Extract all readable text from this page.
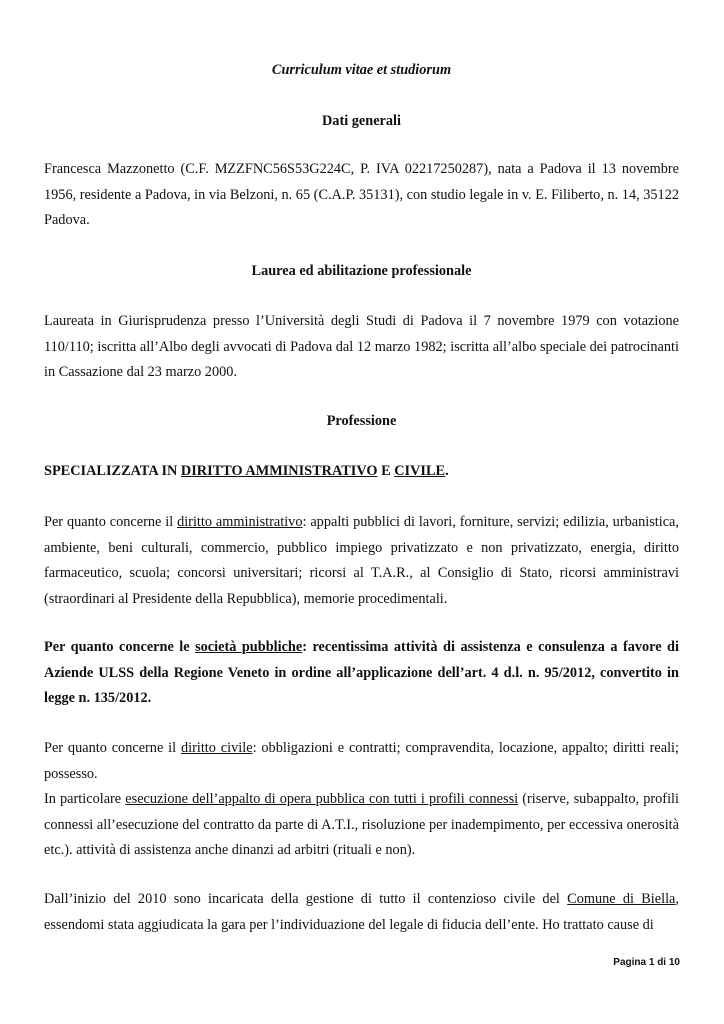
Curriculum vitae et studiorum

Dati generali

Francesca Mazzonetto (C.F. MZZFNC56S53G224C, P. IVA 02217250287), nata a Padova il 13 novembre 1956, residente a Padova, in via Belzoni, n. 65 (C.A.P. 35131), con studio legale in v. E. Filiberto, n. 14, 35122 Padova.

Laurea ed abilitazione professionale

Laureata in Giurisprudenza presso l’Università degli Studi di Padova il 7 novembre 1979 con votazione 110/110; iscritta all’Albo degli avvocati di Padova dal 12 marzo 1982; iscritta all’albo speciale dei patrocinanti in Cassazione dal 23 marzo 2000.

Professione

SPECIALIZZATA IN DIRITTO AMMINISTRATIVO E CIVILE.

Per quanto concerne il diritto amministrativo: appalti pubblici di lavori, forniture, servizi; edilizia, urbanistica, ambiente, beni culturali, commercio, pubblico impiego privatizzato e non privatizzato, energia, diritto farmaceutico, scuola; concorsi universitari; ricorsi al T.A.R., al Consiglio di Stato, ricorsi amministravi (straordinari al Presidente della Repubblica), memorie procedimentali.

Per quanto concerne le società pubbliche: recentissima attività di assistenza e consulenza a favore di Aziende ULSS della Regione Veneto in ordine all’applicazione dell’art. 4 d.l. n. 95/2012, convertito in legge n. 135/2012.

Per quanto concerne il diritto civile: obbligazioni e contratti; compravendita, locazione, appalto; diritti reali; possesso.
In particolare esecuzione dell’appalto di opera pubblica con tutti i profili connessi (riserve, subappalto, profili connessi all’esecuzione del contratto da parte di A.T.I., risoluzione per inadempimento, per eccessiva onerosità etc.). attività di assistenza anche dinanzi ad arbitri (rituali e non).

Dall’inizio del 2010 sono incaricata della gestione di tutto il contenzioso civile del Comune di Biella, essendomi stata aggiudicata la gara per l’individuazione del legale di fiducia dell’ente. Ho trattato cause di

Pagina 1 di 10
